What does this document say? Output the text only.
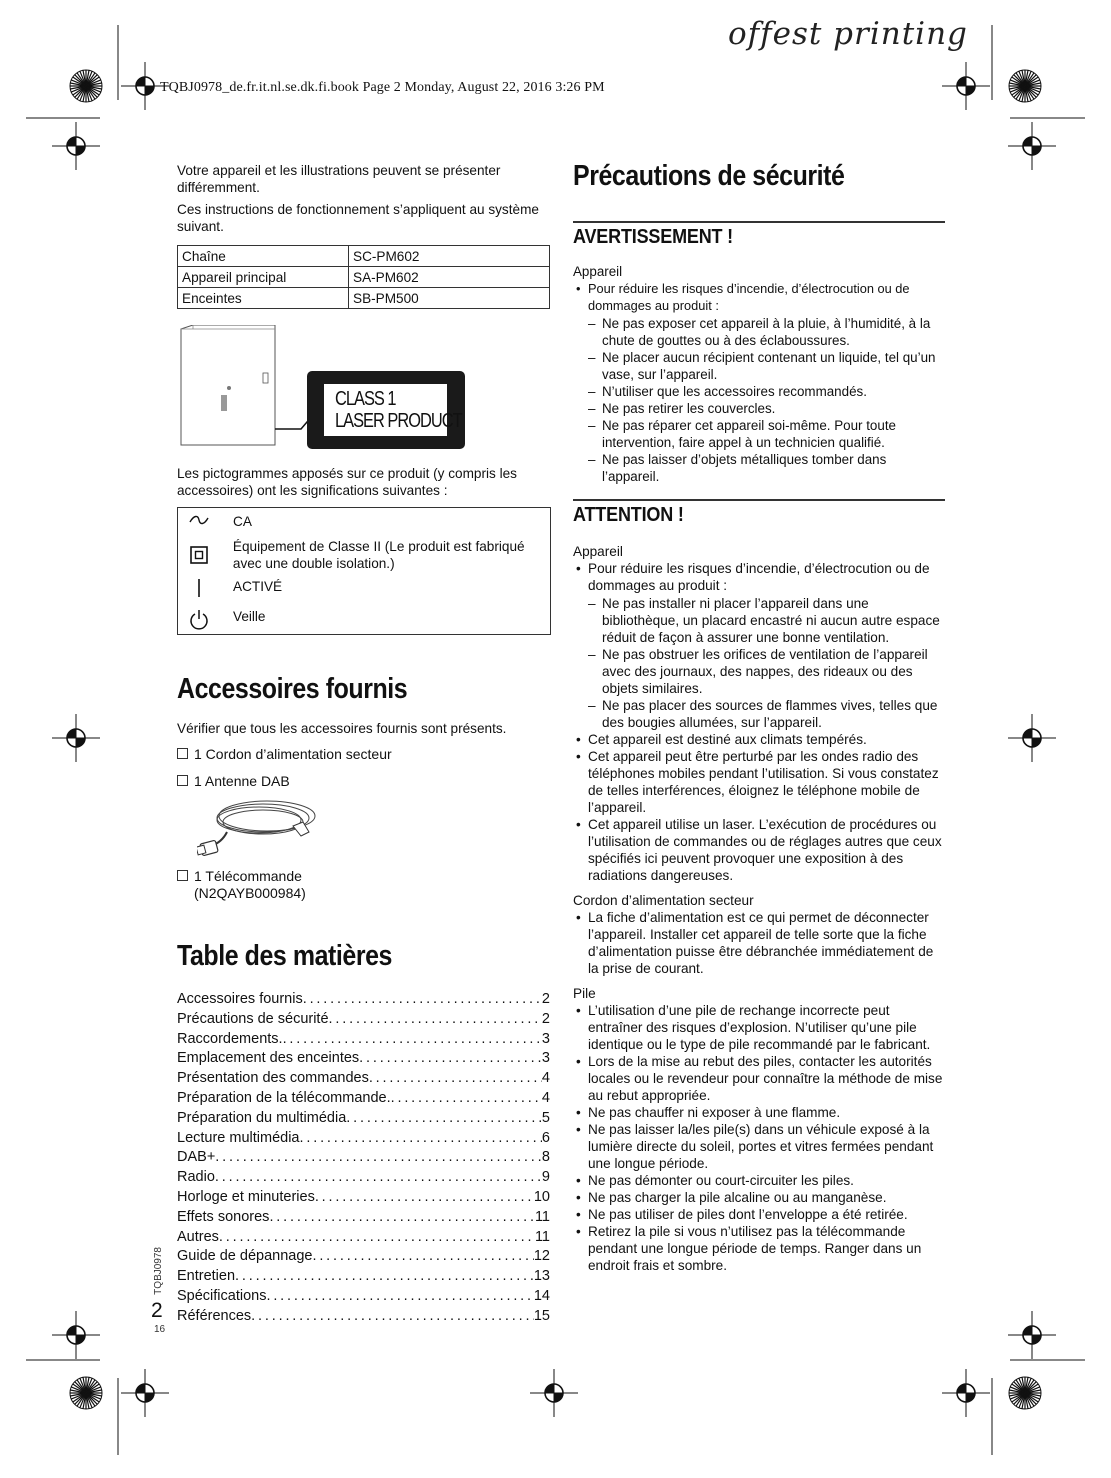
offest printing
TQBJ0978_de.fr.it.nl.se.dk.fi.book Page 2 Monday, August 22, 2016 3:26 PM
Votre appareil et les illustrations peuvent se présenter différemment.
Ces instructions de fonctionnement s’appliquent au système suivant.
Chaîne	SC-PM602
Appareil principal	SA-PM602
Enceintes	SB-PM500
CLASS 1
LASER PRODUCT
Les pictogrammes apposés sur ce produit (y compris les accessoires) ont les significations suivantes :
CA
Équipement de Classe II (Le produit est fabriqué avec une double isolation.)
ACTIVÉ
Veille
Accessoires fournis
Vérifier que tous les accessoires fournis sont présents.
1 Cordon d’alimentation secteur
1 Antenne DAB
1 Télécommande
(N2QAYB000984)
Table des matières
Accessoires fournis . . .	2
Précautions de sécurité . . .	2
Raccordements. . . .	3
Emplacement des enceintes . . .	3
Présentation des commandes . . .	4
Préparation de la télécommande. . . .	4
Préparation du multimédia . . .	5
Lecture multimédia . . .	6
DAB+ . . .	8
Radio . . .	9
Horloge et minuteries . . .	10
Effets sonores . . .	11
Autres . . .	11
Guide de dépannage . . .	12
Entretien . . .	13
Spécifications . . .	14
Références . . .	15
TQBJ0978
2
16
Précautions de sécurité
AVERTISSEMENT !
Appareil
• Pour réduire les risques d’incendie, d’électrocution ou de dommages au produit :
– Ne pas exposer cet appareil à la pluie, à l’humidité, à la chute de gouttes ou à des éclaboussures.
– Ne placer aucun récipient contenant un liquide, tel qu’un vase, sur l’appareil.
– N’utiliser que les accessoires recommandés.
– Ne pas retirer les couvercles.
– Ne pas réparer cet appareil soi-même. Pour toute intervention, faire appel à un technicien qualifié.
– Ne pas laisser d’objets métalliques tomber dans l’appareil.
ATTENTION !
Appareil
• Pour réduire les risques d’incendie, d’électrocution ou de dommages au produit :
– Ne pas installer ni placer l’appareil dans une bibliothèque, un placard encastré ni aucun autre espace réduit de façon à assurer une bonne ventilation.
– Ne pas obstruer les orifices de ventilation de l’appareil avec des journaux, des nappes, des rideaux ou des objets similaires.
– Ne pas placer des sources de flammes vives, telles que des bougies allumées, sur l’appareil.
• Cet appareil est destiné aux climats tempérés.
• Cet appareil peut être perturbé par les ondes radio des téléphones mobiles pendant l’utilisation. Si vous constatez de telles interférences, éloignez le téléphone mobile de l’appareil.
• Cet appareil utilise un laser. L’exécution de procédures ou l’utilisation de commandes ou de réglages autres que ceux spécifiés ici peuvent provoquer une exposition à des radiations dangereuses.
Cordon d’alimentation secteur
• La fiche d’alimentation est ce qui permet de déconnecter l’appareil. Installer cet appareil de telle sorte que la fiche d’alimentation puisse être débranchée immédiatement de la prise de courant.
Pile
• L’utilisation d’une pile de rechange incorrecte peut entraîner des risques d’explosion. N’utiliser qu’une pile identique ou le type de pile recommandé par le fabricant.
• Lors de la mise au rebut des piles, contacter les autorités locales ou le revendeur pour connaître la méthode de mise au rebut appropriée.
• Ne pas chauffer ni exposer à une flamme.
• Ne pas laisser la/les pile(s) dans un véhicule exposé à la lumière directe du soleil, portes et vitres fermées pendant une longue période.
• Ne pas démonter ou court-circuiter les piles.
• Ne pas charger la pile alcaline ou au manganèse.
• Ne pas utiliser de piles dont l’enveloppe a été retirée.
• Retirez la pile si vous n’utilisez pas la télécommande pendant une longue période de temps. Ranger dans un endroit frais et sombre.
